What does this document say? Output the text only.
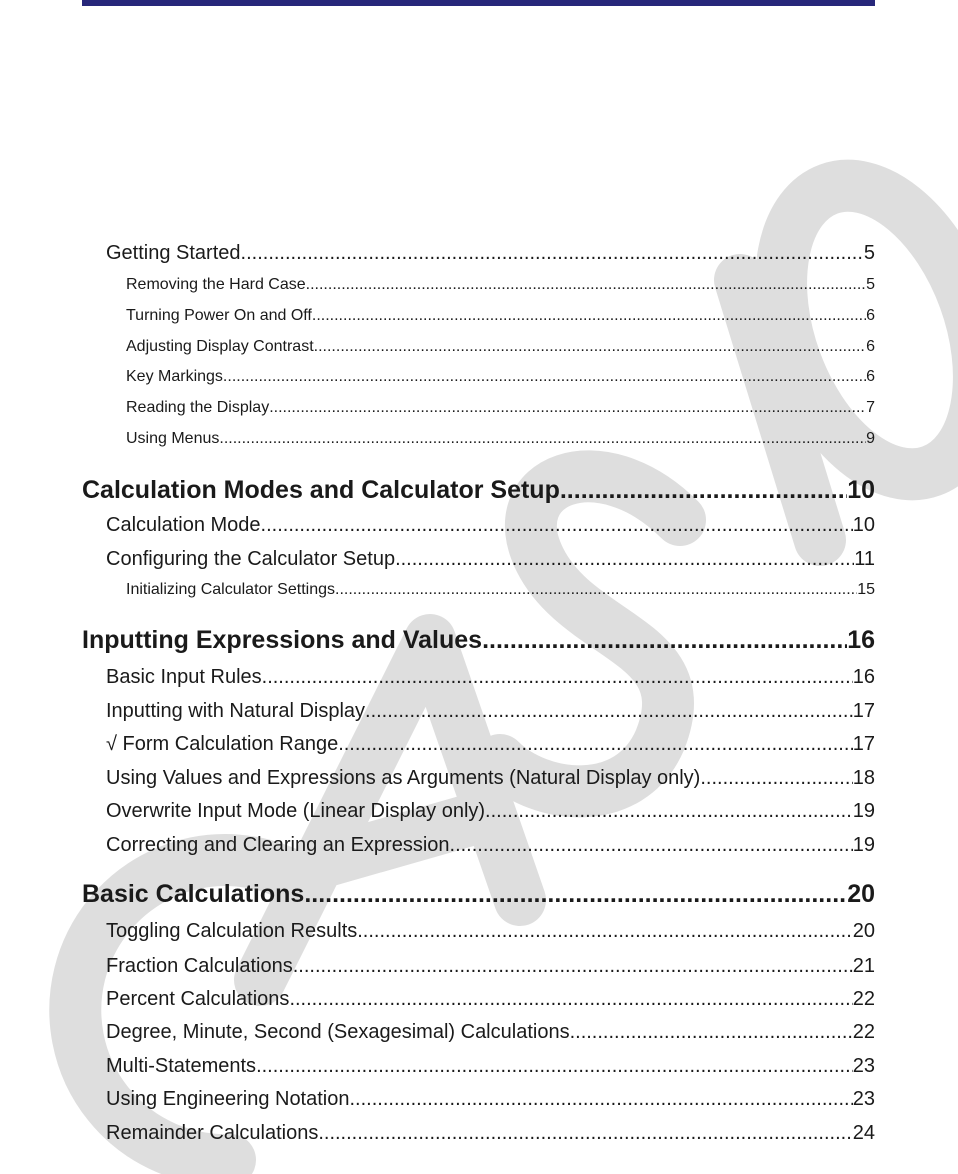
Getting Started .....	5
Removing the Hard Case .....	5
Turning Power On and Off .....	6
Adjusting Display Contrast .....	6
Key Markings .....	6
Reading the Display .....	7
Using Menus .....	9
Calculation Modes and Calculator Setup .....	10
Calculation Mode .....	10
Configuring the Calculator Setup .....	11
Initializing Calculator Settings .....	15
Inputting Expressions and Values .....	16
Basic Input Rules .....	16
Inputting with Natural Display .....	17
√ Form Calculation Range .....	17
Using Values and Expressions as Arguments (Natural Display only) .....	18
Overwrite Input Mode (Linear Display only) .....	19
Correcting and Clearing an Expression .....	19
Basic Calculations .....	20
Toggling Calculation Results .....	20
Fraction Calculations .....	21
Percent Calculations .....	22
Degree, Minute, Second (Sexagesimal) Calculations .....	22
Multi-Statements .....	23
Using Engineering Notation .....	23
Remainder Calculations .....	24
